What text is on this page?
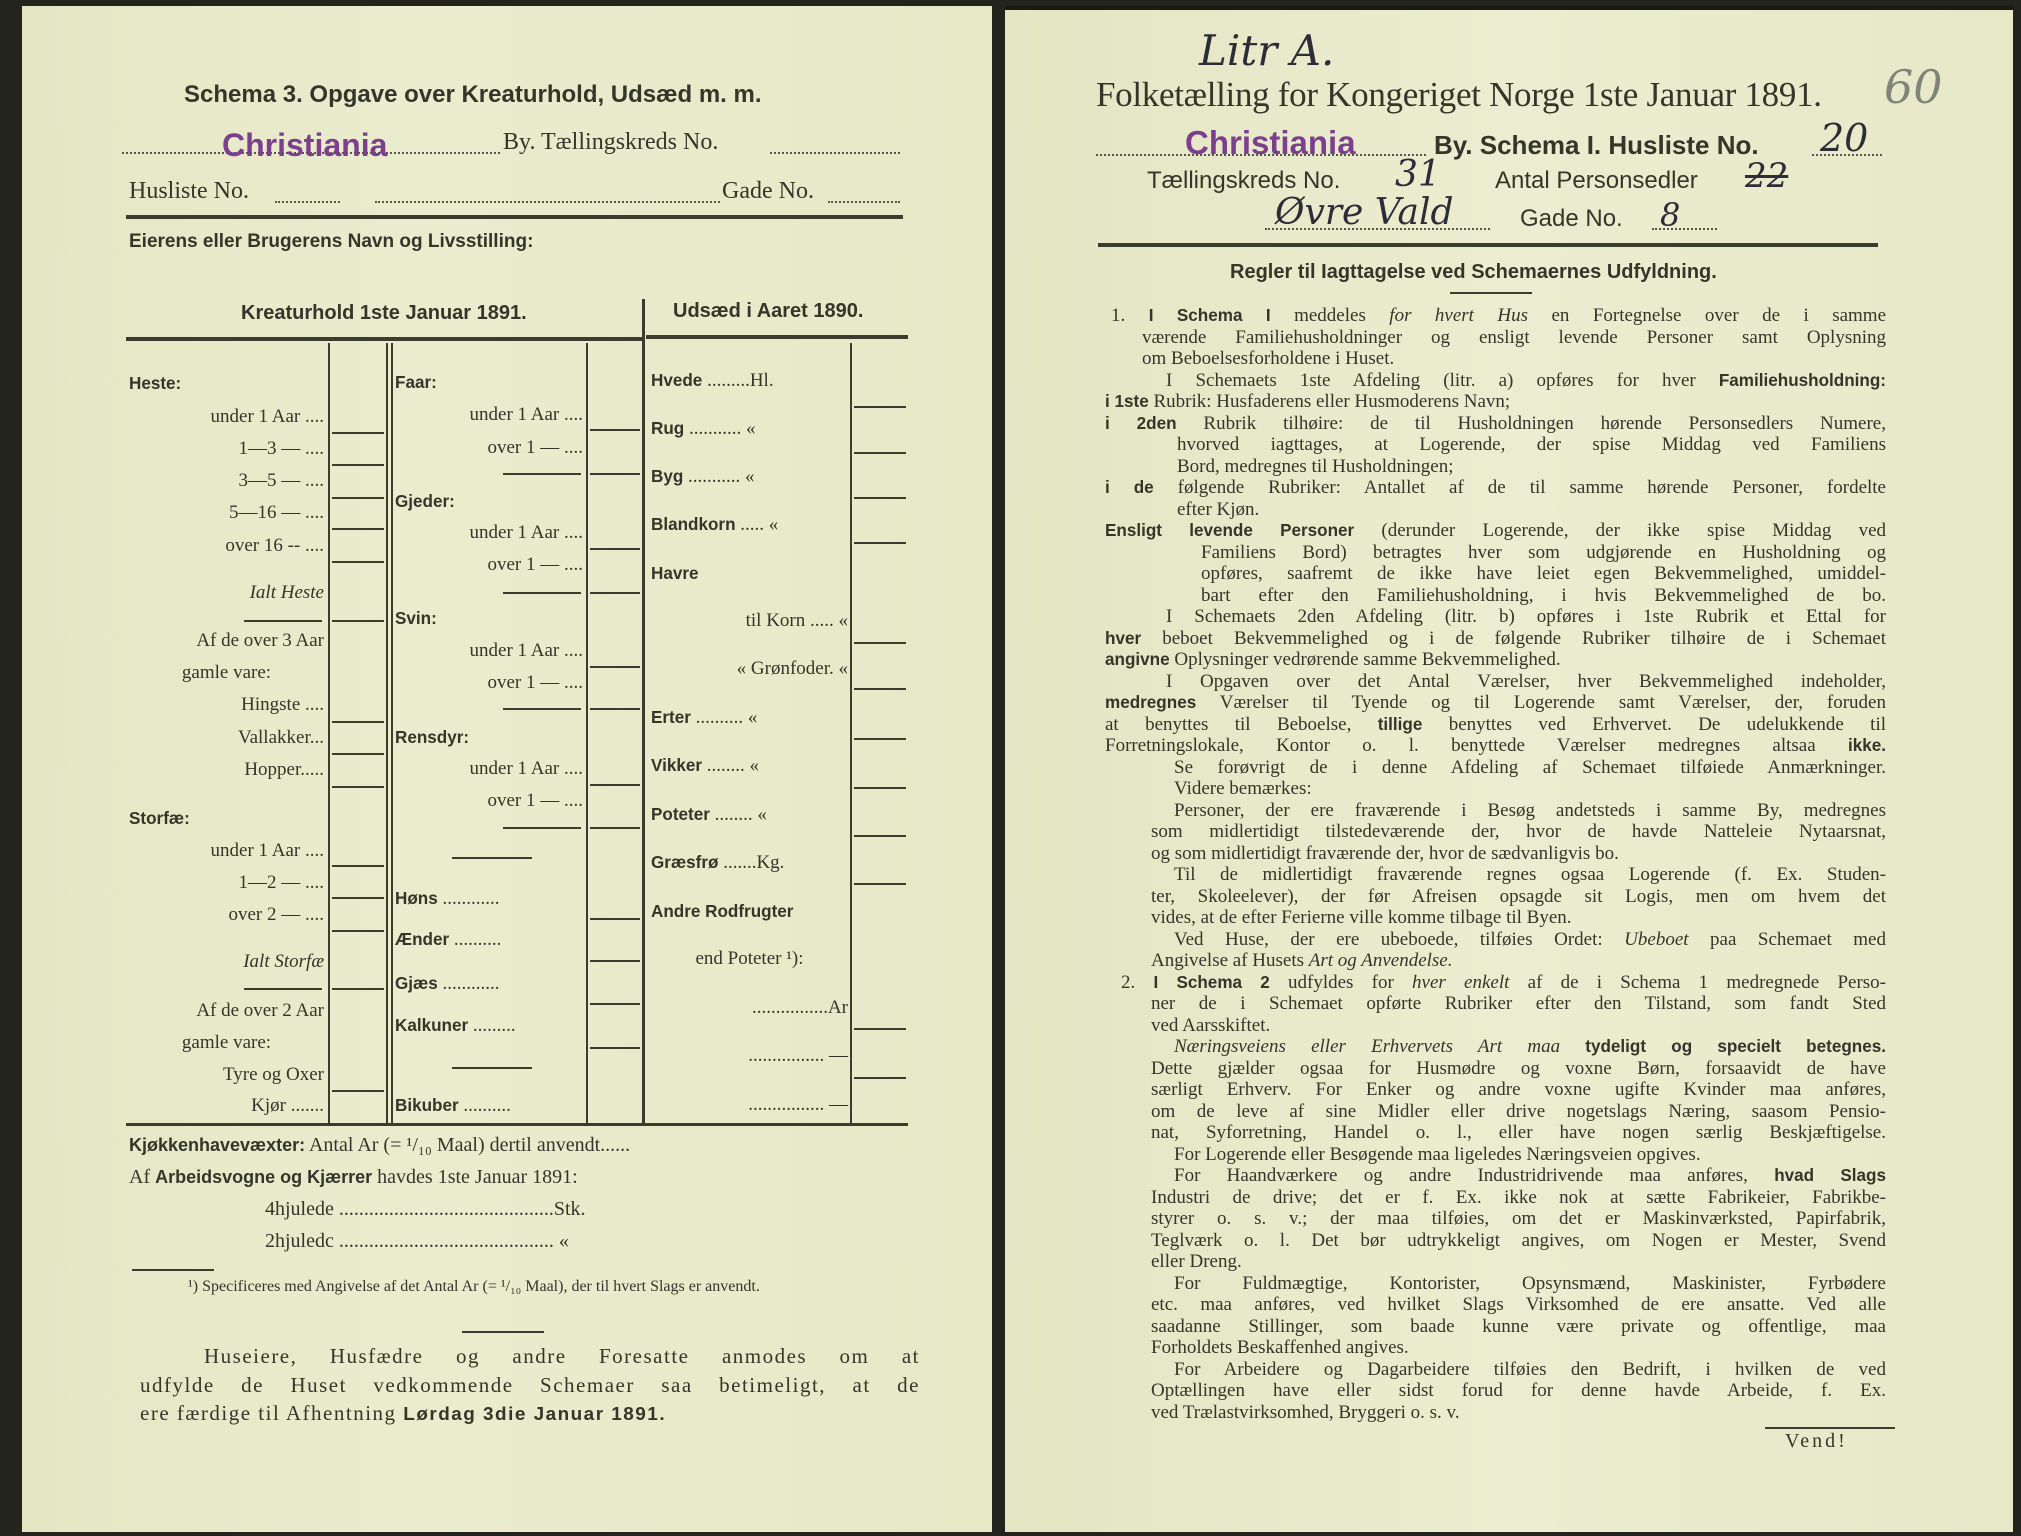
Schema 3. Opgave over Kreaturhold, Udsæd m. m.
Christiania	By. Tællingskreds No.
Husliste No.	Gade No.
Eierens eller Brugerens Navn og Livsstilling:
Kreaturhold 1ste Januar 1891.	Udsæd i Aaret 1890.
Heste:
under 1 Aar ....
1—3 — ....
3—5 — ....
5—16 — ....
over 16 -- ....
Ialt Heste
Af de over 3 Aar
gamle vare:
Hingste ....
Vallakker...
Hopper.....
Storfæ:
under 1 Aar ....
1—2 — ....
over 2 — ....
Ialt Storfæ
Af de over 2 Aar
gamle vare:
Tyre og Oxer
Kjør .......
Faar:
under 1 Aar ....
over 1 — ....
Gjeder:
under 1 Aar ....
over 1 — ....
Svin:
under 1 Aar ....
over 1 — ....
Rensdyr:
under 1 Aar ....
over 1 — ....
Høns ............
Ænder ..........
Gjæs ............
Kalkuner .........
Bikuber ..........
Hvede .........Hl.
Rug ........... «
Byg ........... «
Blandkorn ..... «
Havre
til Korn ..... «
« Grønfoder. «
Erter .......... «
Vikker ........ «
Poteter ........ «
Græsfrø .......Kg.
Andre Rodfrugter
end Poteter ¹):
................Ar
................ —
................ —
Kjøkkenhavevæxter: Antal Ar (= ¹/₁₀ Maal) dertil anvendt......
Af Arbeidsvogne og Kjærrer havdes 1ste Januar 1891:
4hjulede ...........................................Stk.
2hjuledc ........................................... «
¹) Specificeres med Angivelse af det Antal Ar (= ¹/₁₀ Maal), der til hvert Slags er anvendt.
Huseiere, Husfædre og andre Foresatte anmodes om at
udfylde de Huset vedkommende Schemaer saa betimeligt, at de
ere færdige til Afhentning Lørdag 3die Januar 1891.
Litr A.
Folketælling for Kongeriget Norge 1ste Januar 1891. 60
Christiania	By. Schema I. Husliste No. 20
Tællingskreds No. 31 Antal Personsedler 22
Øvre Vald	Gade No. 8
Regler til Iagttagelse ved Schemaernes Udfyldning.
1. I Schema I meddeles for hvert Hus en Fortegnelse over de i samme
værende Familiehusholdninger og ensligt levende Personer samt Oplysning
om Beboelsesforholdene i Huset.
I Schemaets 1ste Afdeling (litr. a) opføres for hver Familiehusholdning:
i 1ste Rubrik: Husfaderens eller Husmoderens Navn;
i 2den Rubrik tilhøire: de til Husholdningen hørende Personsedlers Numere,
hvorved iagttages, at Logerende, der spise Middag ved Familiens
Bord, medregnes til Husholdningen;
i de følgende Rubriker: Antallet af de til samme hørende Personer, fordelte
efter Kjøn.
Ensligt levende Personer (derunder Logerende, der ikke spise Middag ved
Familiens Bord) betragtes hver som udgjørende en Husholdning og
opføres, saafremt de ikke have leiet egen Bekvemmelighed, umiddel-
bart efter den Familiehusholdning, i hvis Bekvemmelighed de bo.
I Schemaets 2den Afdeling (litr. b) opføres i 1ste Rubrik et Ettal for
hver beboet Bekvemmelighed og i de følgende Rubriker tilhøire de i Schemaet
angivne Oplysninger vedrørende samme Bekvemmelighed.
I Opgaven over det Antal Værelser, hver Bekvemmelighed indeholder,
medregnes Værelser til Tyende og til Logerende samt Værelser, der, foruden
at benyttes til Beboelse, tillige benyttes ved Erhvervet. De udelukkende til
Forretningslokale, Kontor o. l. benyttede Værelser medregnes altsaa ikke.
Se forøvrigt de i denne Afdeling af Schemaet tilføiede Anmærkninger.
Videre bemærkes:
Personer, der ere fraværende i Besøg andetsteds i samme By, medregnes
som midlertidigt tilstedeværende der, hvor de havde Natteleie Nytaarsnat,
og som midlertidigt fraværende der, hvor de sædvanligvis bo.
Til de midlertidigt fraværende regnes ogsaa Logerende (f. Ex. Studen-
ter, Skoleelever), der før Afreisen opsagde sit Logis, men om hvem det
vides, at de efter Ferierne ville komme tilbage til Byen.
Ved Huse, der ere ubeboede, tilføies Ordet: Ubeboet paa Schemaet med
Angivelse af Husets Art og Anvendelse.
2. I Schema 2 udfyldes for hver enkelt af de i Schema 1 medregnede Perso-
ner de i Schemaet opførte Rubriker efter den Tilstand, som fandt Sted
ved Aarsskiftet.
Næringsveiens eller Erhvervets Art maa tydeligt og specielt betegnes.
Dette gjælder ogsaa for Husmødre og voxne Børn, forsaavidt de have
særligt Erhverv. For Enker og andre voxne ugifte Kvinder maa anføres,
om de leve af sine Midler eller drive nogetslags Næring, saasom Pensio-
nat, Syforretning, Handel o. l., eller have nogen særlig Beskjæftigelse.
For Logerende eller Besøgende maa ligeledes Næringsveien opgives.
For Haandværkere og andre Industridrivende maa anføres, hvad Slags
Industri de drive; det er f. Ex. ikke nok at sætte Fabrikeier, Fabrikbe-
styrer o. s. v.; der maa tilføies, om det er Maskinværksted, Papirfabrik,
Teglværk o. l. Det bør udtrykkeligt angives, om Nogen er Mester, Svend
eller Dreng.
For Fuldmægtige, Kontorister, Opsynsmænd, Maskinister, Fyrbødere
etc. maa anføres, ved hvilket Slags Virksomhed de ere ansatte. Ved alle
saadanne Stillinger, som baade kunne være private og offentlige, maa
Forholdets Beskaffenhed angives.
For Arbeidere og Dagarbeidere tilføies den Bedrift, i hvilken de ved
Optællingen have eller sidst forud for denne havde Arbeide, f. Ex.
ved Trælastvirksomhed, Bryggeri o. s. v.
Vend!
